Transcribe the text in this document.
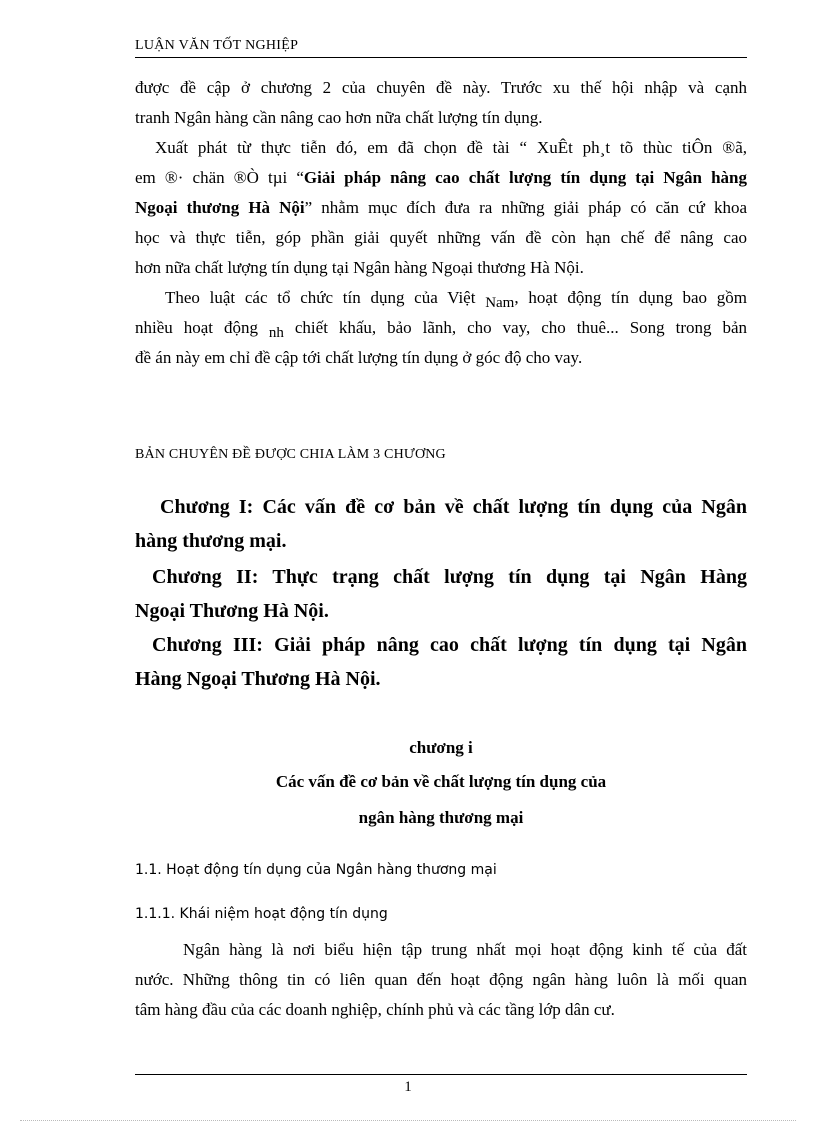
LUẬN VĂN TỐT NGHIỆP
được đề cập ở chương 2 của chuyên đề này. Trước xu thế hội nhập và cạnh
tranh Ngân hàng cần nâng cao hơn nữa chất lượng tín dụng.
Xuất phát từ thực tiễn đó, em đã chọn đề tài “ XuÊt ph¸t tõ thùc tiÔn ®ã,
em ®· chän ®Ò tµi “Giải pháp nâng cao chất lượng tín dụng tại Ngân hàng
Ngoại thương Hà Nội” nhằm mục đích đưa ra những giải pháp có căn cứ khoa
học và thực tiễn, góp phần giải quyết những vấn đề còn hạn chế để nâng cao
hơn nữa chất lượng tín dụng tại Ngân hàng Ngoại thương Hà Nội.
Theo luật các tổ chức tín dụng của Việt Nam, hoạt động tín dụng bao gồm
nhiều hoạt động nh chiết khấu, bảo lãnh, cho vay, cho thuê... Song trong bản
đề án này em chỉ đề cập tới chất lượng tín dụng ở góc độ cho vay.
BẢN CHUYÊN ĐỀ ĐƯỢC CHIA LÀM 3 CHƯƠNG
Chương I: Các vấn đề cơ bản về chất lượng tín dụng của Ngân
hàng thương mại.
Chương II: Thực trạng chất lượng tín dụng tại Ngân Hàng
Ngoại Thương Hà Nội.
Chương III: Giải pháp nâng cao chất lượng tín dụng tại Ngân
Hàng Ngoại Thương Hà Nội.
chương i
Các vấn đề cơ bản về chất lượng tín dụng của
ngân hàng thương mại
1.1. Hoạt động tín dụng của Ngân hàng thương mại
1.1.1. Khái niệm hoạt động tín dụng
Ngân hàng là nơi biểu hiện tập trung nhất mọi hoạt động kinh tế của đất
nước. Những thông tin có liên quan đến hoạt động ngân hàng luôn là mối quan
tâm hàng đầu của các doanh nghiệp, chính phủ và các tầng lớp dân cư.
1
